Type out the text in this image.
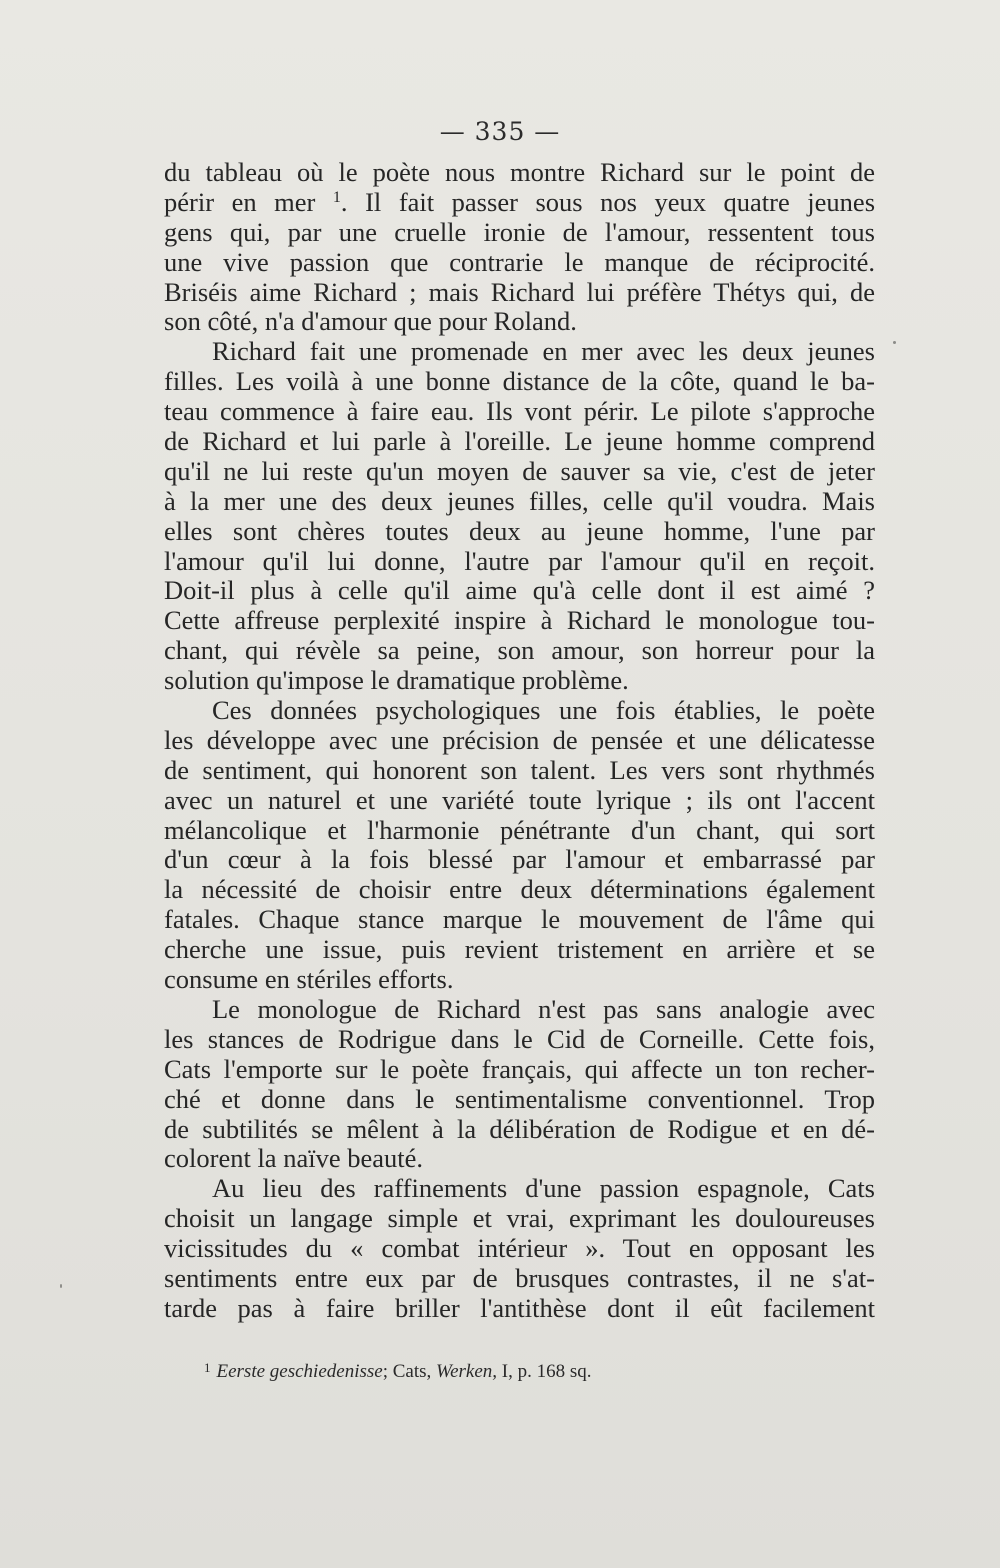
— 335 —
du tableau où le poète nous montre Richard sur le point de
périr en mer $^1$. Il fait passer sous nos yeux quatre jeunes
gens qui, par une cruelle ironie de l'amour, ressentent tous
une vive passion que contrarie le manque de réciprocité.
Briséis aime Richard ; mais Richard lui préfère Thétys qui, de
son côté, n'a d'amour que pour Roland.
Richard fait une promenade en mer avec les deux jeunes
filles. Les voilà à une bonne distance de la côte, quand le ba-
teau commence à faire eau. Ils vont périr. Le pilote s'approche
de Richard et lui parle à l'oreille. Le jeune homme comprend
qu'il ne lui reste qu'un moyen de sauver sa vie, c'est de jeter
à la mer une des deux jeunes filles, celle qu'il voudra. Mais
elles sont chères toutes deux au jeune homme, l'une par
l'amour qu'il lui donne, l'autre par l'amour qu'il en reçoit.
Doit-il plus à celle qu'il aime qu'à celle dont il est aimé ?
Cette affreuse perplexité inspire à Richard le monologue tou-
chant, qui révèle sa peine, son amour, son horreur pour la
solution qu'impose le dramatique problème.
Ces données psychologiques une fois établies, le poète
les développe avec une précision de pensée et une délicatesse
de sentiment, qui honorent son talent. Les vers sont rhythmés
avec un naturel et une variété toute lyrique ; ils ont l'accent
mélancolique et l'harmonie pénétrante d'un chant, qui sort
d'un cœur à la fois blessé par l'amour et embarrassé par
la nécessité de choisir entre deux déterminations également
fatales. Chaque stance marque le mouvement de l'âme qui
cherche une issue, puis revient tristement en arrière et se
consume en stériles efforts.
Le monologue de Richard n'est pas sans analogie avec
les stances de Rodrigue dans le Cid de Corneille. Cette fois,
Cats l'emporte sur le poète français, qui affecte un ton recher-
ché et donne dans le sentimentalisme conventionnel. Trop
de subtilités se mêlent à la délibération de Rodigue et en dé-
colorent la naïve beauté.
Au lieu des raffinements d'une passion espagnole, Cats
choisit un langage simple et vrai, exprimant les douloureuses
vicissitudes du « combat intérieur ». Tout en opposant les
sentiments entre eux par de brusques contrastes, il ne s'at-
tarde pas à faire briller l'antithèse dont il eût facilement
$^1$ Eerste geschiedenisse; Cats, Werken, I, p. 168 sq.
